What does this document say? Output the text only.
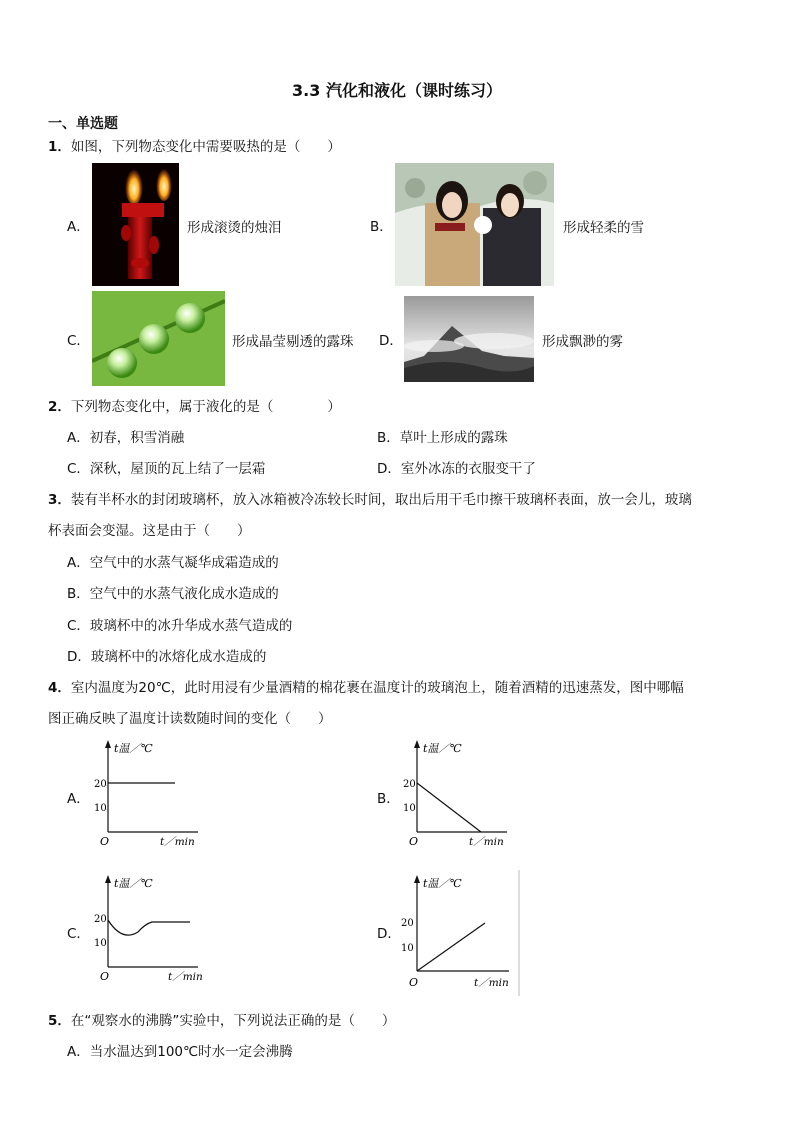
3.3 汽化和液化（课时练习）
一、单选题
1．如图，下列物态变化中需要吸热的是（　　）
A．	形成滚烫的烛泪	B．	形成轻柔的雪
C．	形成晶莹剔透的露珠 D．	形成飘渺的雾
2．下列物态变化中，属于液化的是（　　　　）
A．初春，积雪消融	B．草叶上形成的露珠
C．深秋，屋顶的瓦上结了一层霜	D．室外冰冻的衣服变干了
3．装有半杯水的封闭玻璃杯，放入冰箱被冷冻较长时间，取出后用干毛巾擦干玻璃杯表面，放一会儿，玻璃
杯表面会变湿。这是由于（　　）
A．空气中的水蒸气凝华成霜造成的
B．空气中的水蒸气液化成水造成的
C．玻璃杯中的冰升华成水蒸气造成的
D．玻璃杯中的冰熔化成水造成的
4．室内温度为20℃，此时用浸有少量酒精的棉花裹在温度计的玻璃泡上，随着酒精的迅速蒸发，图中哪幅
图正确反映了温度计读数随时间的变化（　　）
A．	B．
C．	D．
t温／℃
20
10
O	t／min
t温／℃
20
10
O	t／min
t温／℃
20
10
O	t／min
t温／℃
20
10
O	t／min
5．在“观察水的沸腾”实验中，下列说法正确的是（　　）
A．当水温达到100℃时水一定会沸腾
